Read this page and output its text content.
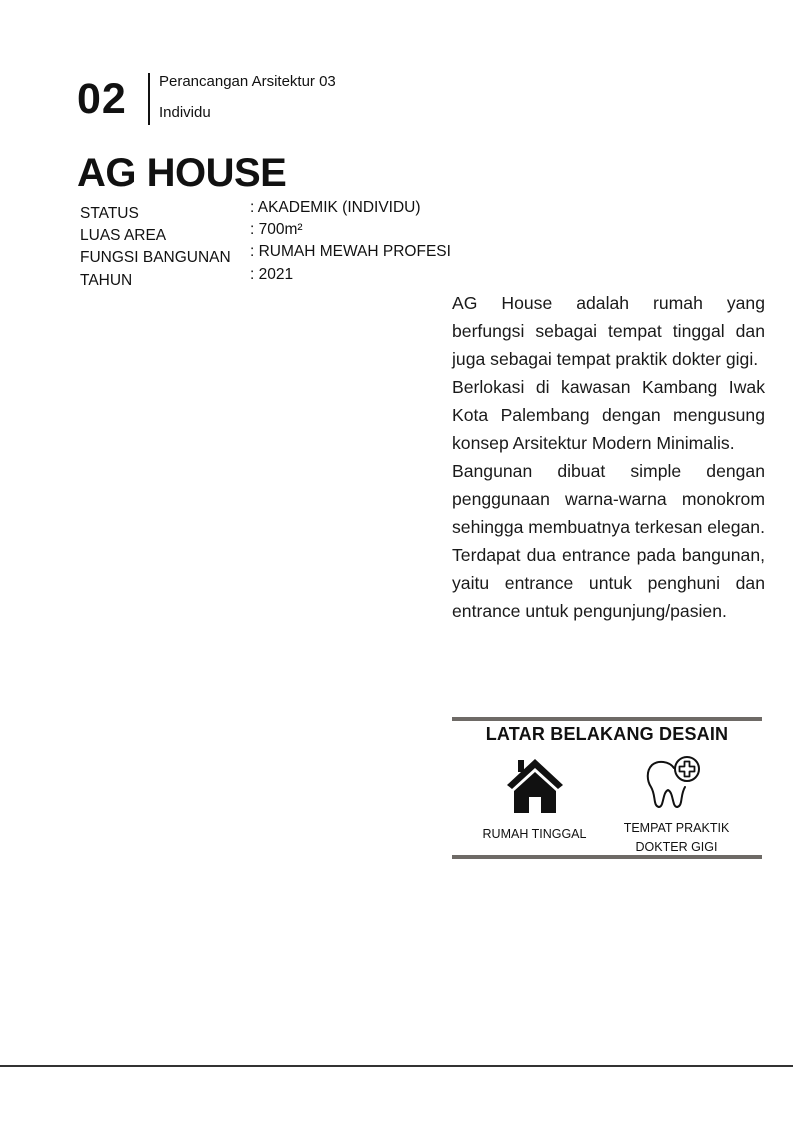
02 Perancangan Arsitektur 03
Individu
AG HOUSE
STATUS
LUAS AREA
FUNGSI BANGUNAN
TAHUN
: AKADEMIK (INDIVIDU)
: 700m²
: RUMAH MEWAH PROFESI
: 2021

AG House adalah rumah yang berfungsi sebagai tempat tinggal dan juga sebagai tempat praktik dokter gigi.

Berlokasi di kawasan Kambang Iwak Kota Palembang dengan mengusung konsep Arsitektur Modern Minimalis.

Bangunan dibuat simple dengan penggunaan warna-warna monokrom sehingga membuatnya terkesan elegan. Terdapat dua entrance pada bangunan, yaitu entrance untuk penghuni dan entrance untuk pengunjung/pasien.

LATAR BELAKANG DESAIN
RUMAH TINGGAL	TEMPAT PRAKTIK
DOKTER GIGI
